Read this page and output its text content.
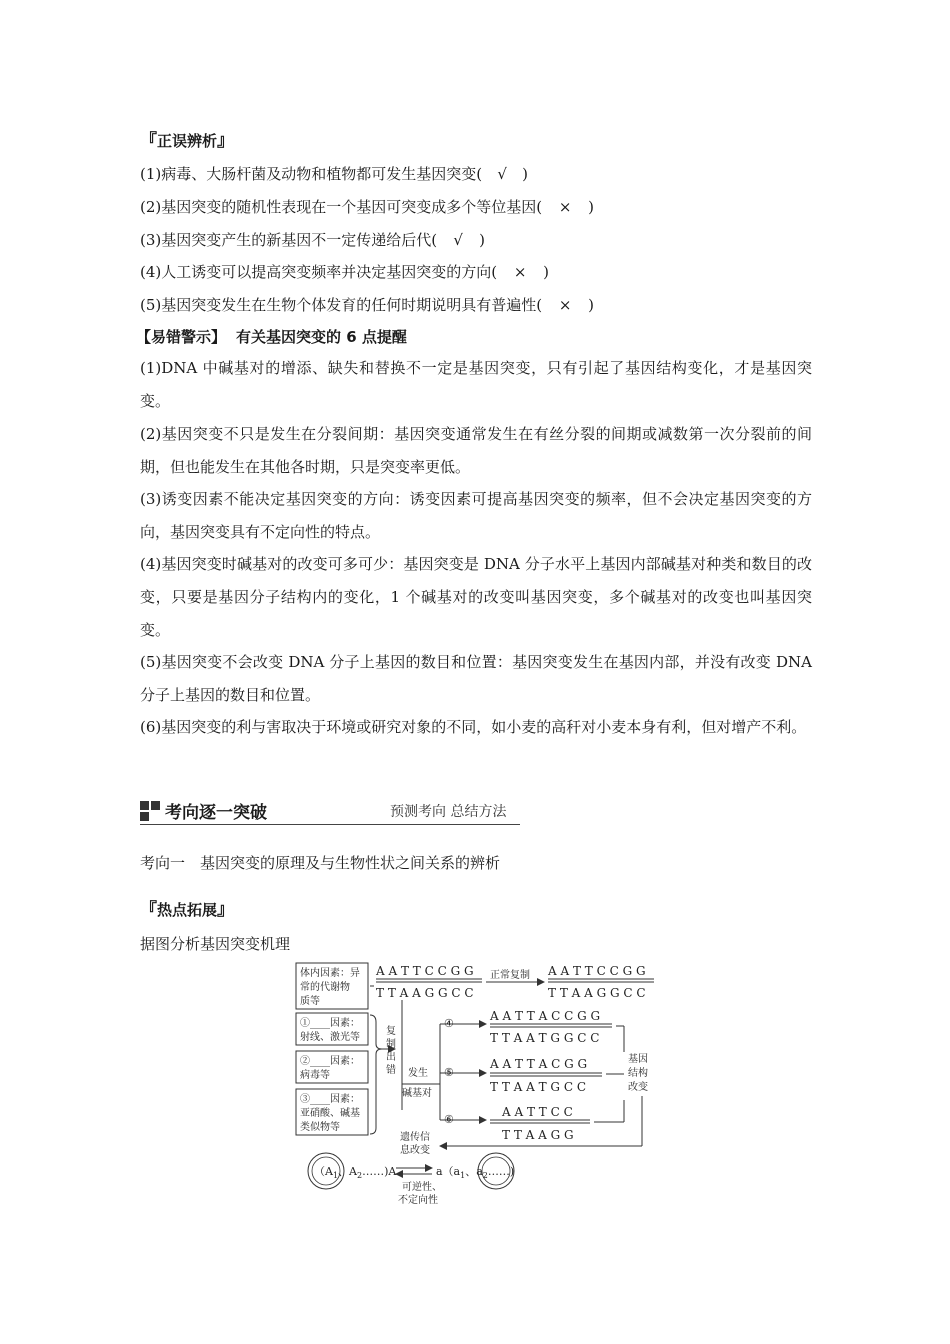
『正误辨析』
(1)病毒、大肠杆菌及动物和植物都可发生基因突变( √ )
(2)基因突变的随机性表现在一个基因可突变成多个等位基因( × )
(3)基因突变产生的新基因不一定传递给后代( √ )
(4)人工诱变可以提高突变频率并决定基因突变的方向( × )
(5)基因突变发生在生物个体发育的任何时期说明具有普遍性( × )
【易错警示】 有关基因突变的 6 点提醒

(1)DNA 中碱基对的增添、缺失和替换不一定是基因突变，只有引起了基因结构变化，才是基因突变。

(2)基因突变不只是发生在分裂间期：基因突变通常发生在有丝分裂的间期或减数第一次分裂前的间期，但也能发生在其他各时期，只是突变率更低。

(3)诱变因素不能决定基因突变的方向：诱变因素可提高基因突变的频率，但不会决定基因突变的方向，基因突变具有不定向性的特点。

(4)基因突变时碱基对的改变可多可少：基因突变是 DNA 分子水平上基因内部碱基对种类和数目的改变，只要是基因分子结构内的变化，1 个碱基对的改变叫基因突变，多个碱基对的改变也叫基因突变。

(5)基因突变不会改变 DNA 分子上基因的数目和位置：基因突变发生在基因内部，并没有改变 DNA 分子上基因的数目和位置。

(6)基因突变的利与害取决于环境或研究对象的不同，如小麦的高秆对小麦本身有利，但对增产不利。

考向逐一突破	预测考向 总结方法
考向一　基因突变的原理及与生物性状之间关系的辨析
『热点拓展』
据图分析基因突变机理
体内因素：异
常的代谢物
质等
①____因素：
射线、激光等
②____因素：
病毒等
③____因素：
亚硝酸、碱基
类似物等
A A T T C C G G
T T A A G G C C
正常复制 A A T T C C G G
T T A A G G C C
复
制
出
错 发生
碱基对
④
⑤
⑥
A A T T A C C G G
T T A A T G G C C
A A T T A C G G
T T A A T G C C
A A T T C C
T T A A G G
基因
结构
改变
遗传信
息改变
（$A_1$、$A_2\dots\dots)A$	$a(a_1$、$a_2\dots\dots$)
可逆性、
不定向性
